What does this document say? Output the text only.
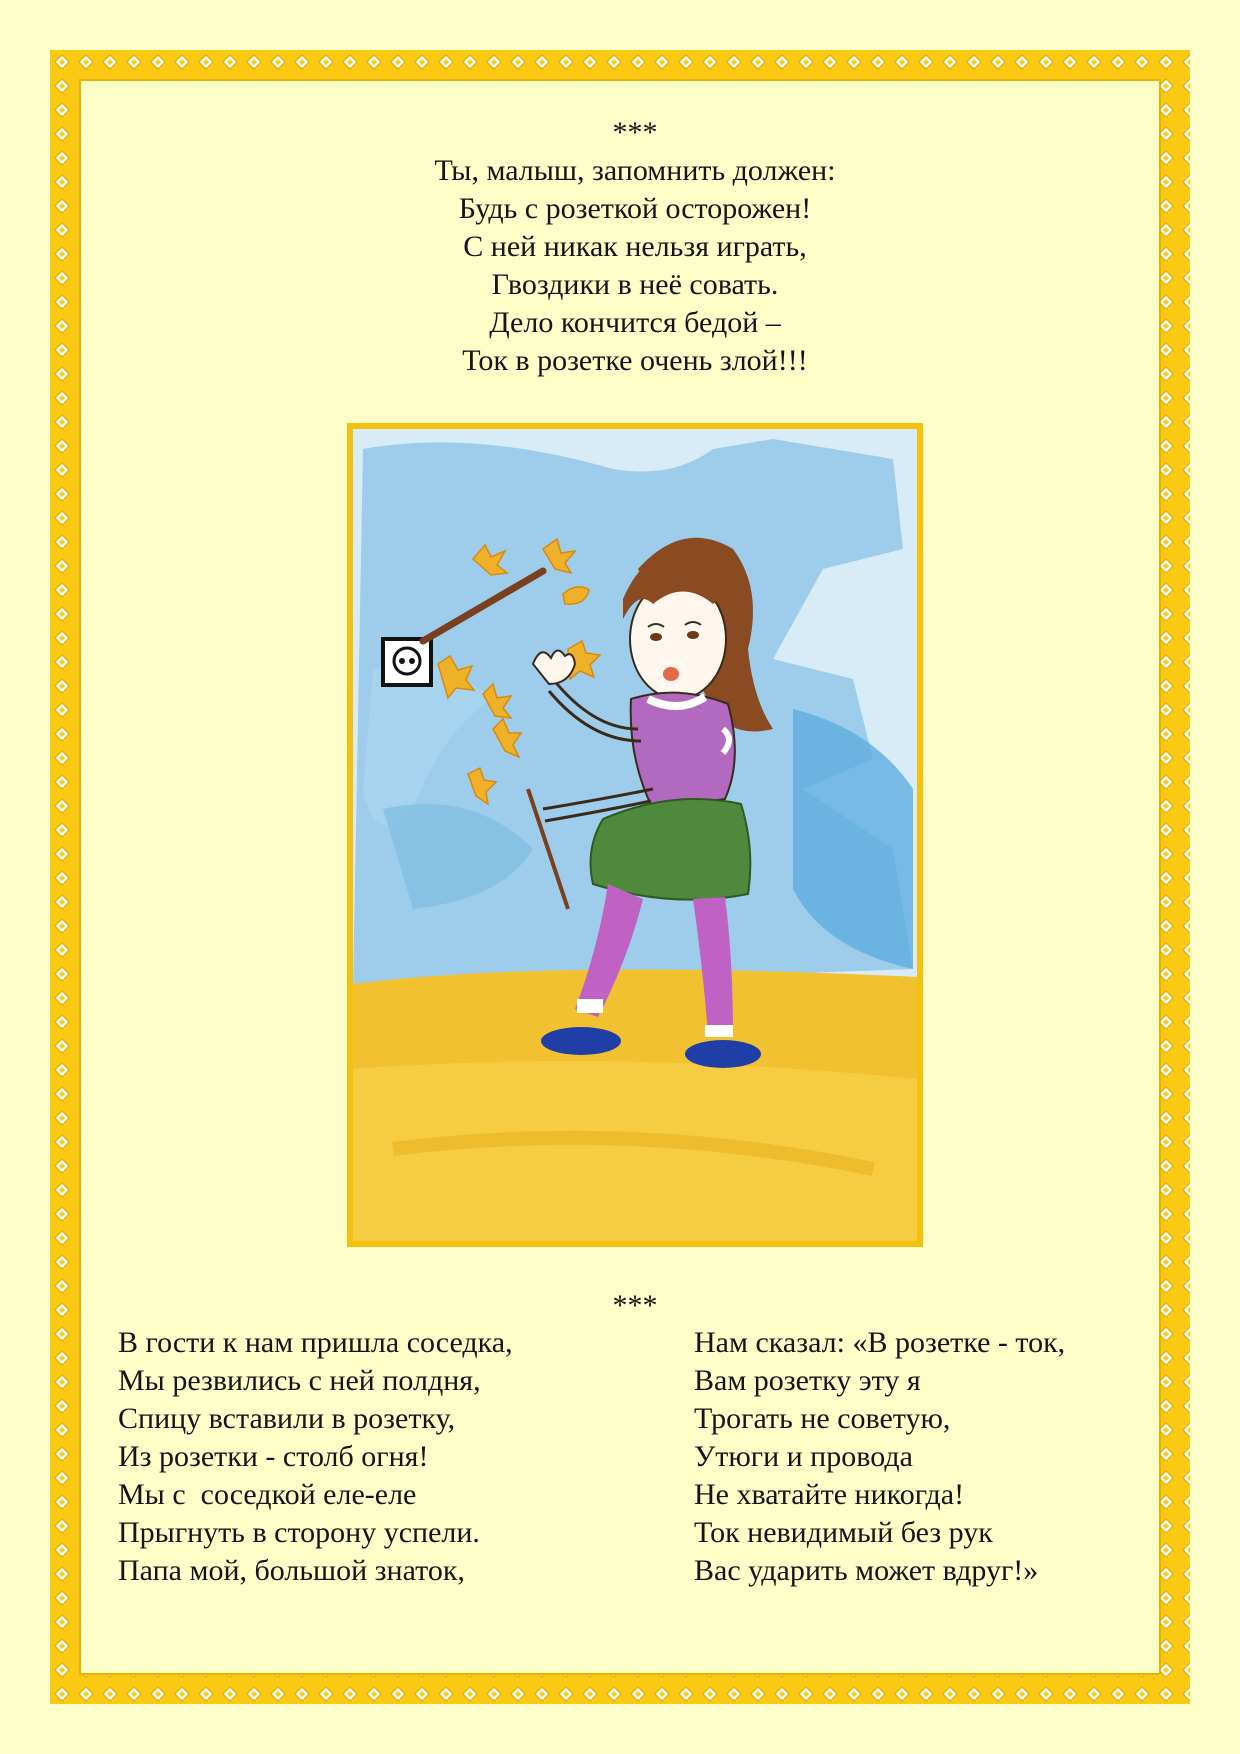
***
Ты, малыш, запомнить должен:
Будь с розеткой осторожен!
С ней никак нельзя играть,
Гвоздики в неё совать.
Дело кончится бедой –
Ток в розетке очень злой!!!
***
В гости к нам пришла соседка,
Мы резвились с ней полдня,
Спицу вставили в розетку,
Из розетки - столб огня!
Мы с  соседкой еле-еле
Прыгнуть в сторону успели.
Папа мой, большой знаток,
Нам сказал: «В розетке - ток,
Вам розетку эту я
Трогать не советую,
Утюги и провода
Не хватайте никогда!
Ток невидимый без рук
Вас ударить может вдруг!»
